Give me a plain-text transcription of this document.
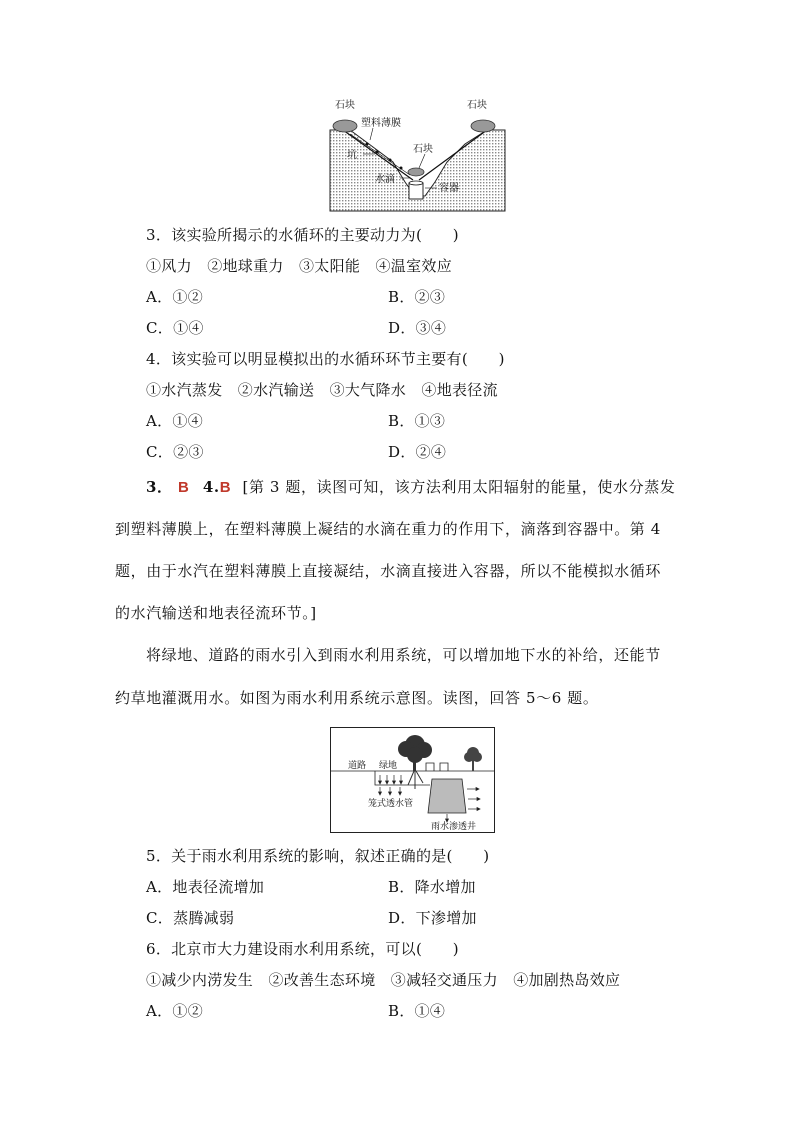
石块	石块
塑料薄膜
石块
坑
水滴
容器
3．该实验所揭示的水循环的主要动力为(　　)
①风力　②地球重力　③太阳能　④温室效应
A．①②	B．②③
C．①④	D．③④
4．该实验可以明显模拟出的水循环环节主要有(　　)
①水汽蒸发　②水汽输送　③大气降水　④地表径流
A．①④	B．①③
C．②③	D．②④
3． B 4.B [第 3 题，读图可知，该方法利用太阳辐射的能量，使水分蒸发
到塑料薄膜上，在塑料薄膜上凝结的水滴在重力的作用下，滴落到容器中。第 4
题，由于水汽在塑料薄膜上直接凝结，水滴直接进入容器，所以不能模拟水循环
的水汽输送和地表径流环节。]
将绿地、道路的雨水引入到雨水利用系统，可以增加地下水的补给，还能节
约草地灌溉用水。如图为雨水利用系统示意图。读图，回答 5～6 题。
道路 绿地
笼式透水管
雨水渗透井
5．关于雨水利用系统的影响，叙述正确的是(　　)
A．地表径流增加	B．降水增加
C．蒸腾减弱	D．下渗增加
6．北京市大力建设雨水利用系统，可以(　　)
①减少内涝发生　②改善生态环境　③减轻交通压力　④加剧热岛效应
A．①②	B．①④
